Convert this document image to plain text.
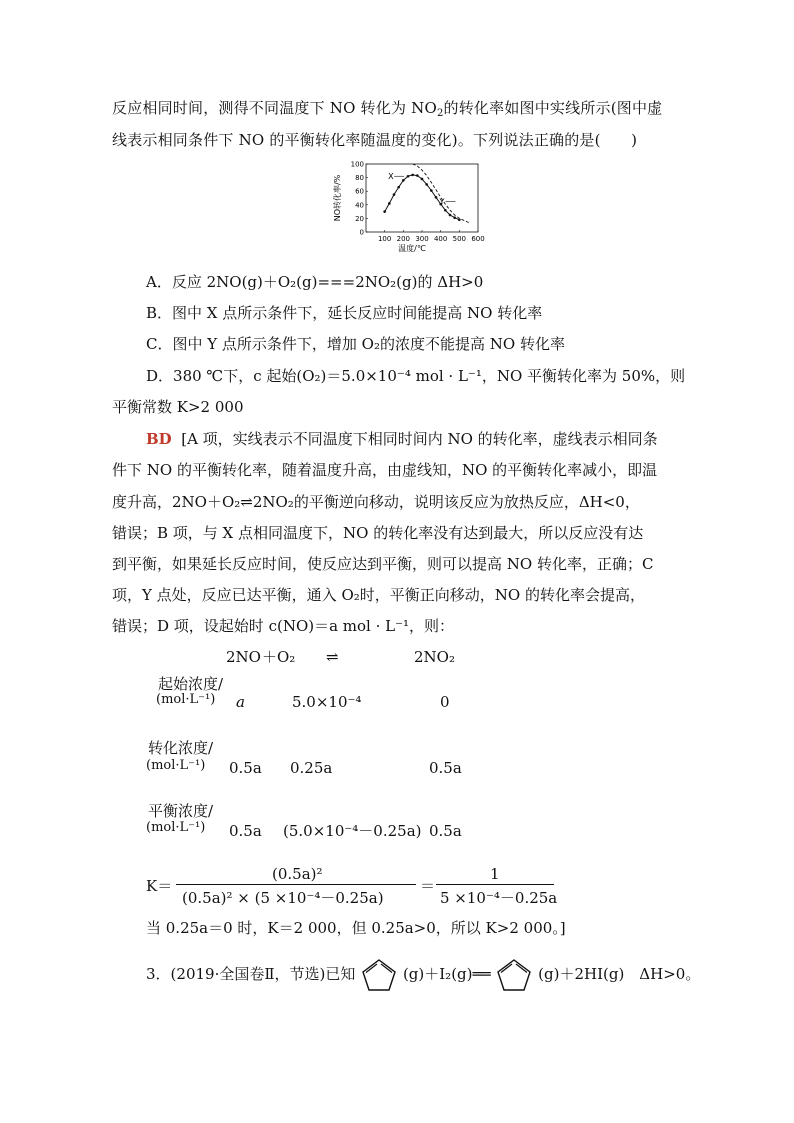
反应相同时间，测得不同温度下 NO 转化为 $NO_2$的转化率如图中实线所示(图中虚
线表示相同条件下 NO 的平衡转化率随温度的变化)。下列说法正确的是(　　)
0
20
40
60
80
100
100 200 300 400 500 600
X
Y
NO转化率/%
温度/℃
A．反应 2NO(g)＋O₂(g)===2NO₂(g)的 ΔH>0
B．图中 X 点所示条件下，延长反应时间能提高 NO 转化率
C．图中 Y 点所示条件下，增加 O₂的浓度不能提高 NO 转化率
D．380 ℃下，c 起始(O₂)＝5.0×10⁻⁴ mol · L⁻¹，NO 平衡转化率为 50%，则
平衡常数 K>2 000
BD [A 项，实线表示不同温度下相同时间内 NO 的转化率，虚线表示相同条
件下 NO 的平衡转化率，随着温度升高，由虚线知，NO 的平衡转化率减小，即温
度升高，2NO＋O₂⇌2NO₂的平衡逆向移动，说明该反应为放热反应，ΔH<0，
错误；B 项，与 X 点相同温度下，NO 的转化率没有达到最大，所以反应没有达
到平衡，如果延长反应时间，使反应达到平衡，则可以提高 NO 转化率，正确；C
项，Y 点处，反应已达平衡，通入 O₂时，平衡正向移动，NO 的转化率会提高，
错误；D 项，设起始时 c(NO)＝a mol · L⁻¹，则：
2NO ＋O₂ ⇌	2NO₂
起始浓度/
(mol·L⁻¹) a	5.0×10⁻⁴	0
转化浓度/
(mol·L⁻¹) 0.5a 0.25a	0.5a
平衡浓度/
(mol·L⁻¹) 0.5a (5.0×10⁻⁴－0.25a) 0.5a
K＝
(0.5a)²
(0.5a)² × (5 ×10⁻⁴－0.25a)
＝
1
5 ×10⁻⁴－0.25a
当 0.25a＝0 时，K＝2 000，但 0.25a>0，所以 K>2 000。]
3．(2019·全国卷Ⅱ，节选)已知	(g)＋I₂(g)══	(g)＋2HI(g)　ΔH>0。
